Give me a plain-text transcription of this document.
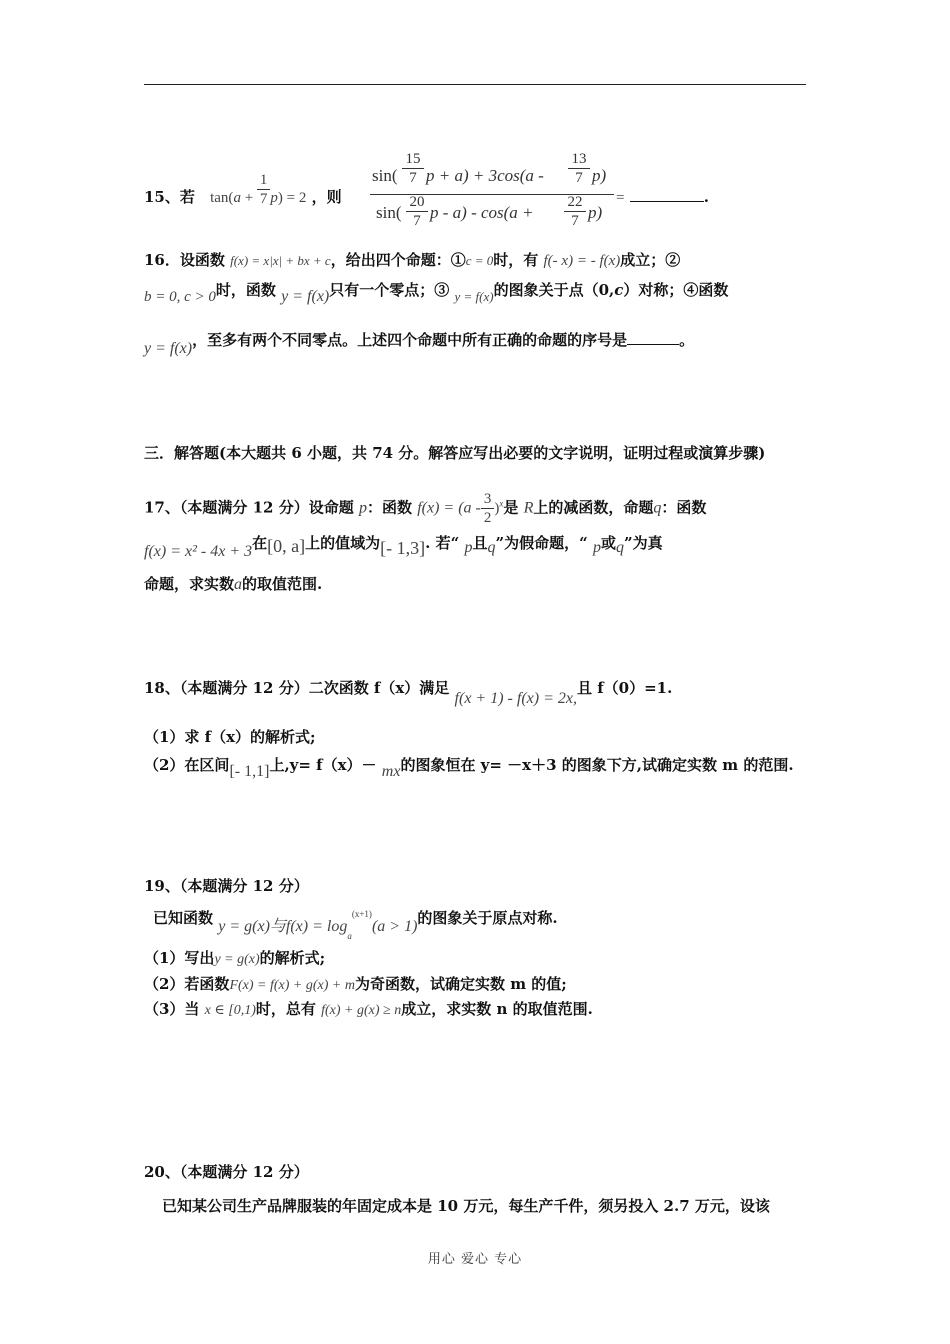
15、若 $\tan(a + \frac{1}{7} p) = 2$ ，则
$\sin( \frac{15}{7}$ $p + a) + 3\cos(a - \frac{13}{7} p)$
$\sin( \frac{20}{7}$ $p - a) - \cos(a + \frac{22}{7} p)$
=	.
16．设函数 f(x) = x|x| + bx + c，给出四个命题：①c = 0时，有 f(- x) = - f(x)成立；②
b = 0, c > 0时，函数 y = f(x)只有一个零点；③ y = f(x)的图象关于点（0,c）对称；④函数
y = f(x)，至多有两个不同零点。上述四个命题中所有正确的命题的序号是	。
三．解答题(本大题共 6 小题，共 74 分。解答应写出必要的文字说明，证明过程或演算步骤)
17、（本题满分 12 分）设命题 p：函数 $f(x) = (a - \frac{3}{2} )^x$是 R上的减函数，命题q：函数
f(x) = x² - 4x + 3在[0, a]上的值域为[- 1,3]. 若“ p且q”为假命题，“ p或q”为真
命题，求实数a的取值范围.
18、（本题满分 12 分）二次函数 f（x）满足 f(x + 1) - f(x) = 2x,且 f（0）=1.
（1）求 f（x）的解析式;
（2）在区间[- 1,1]上,y= f（x）－ mx的图象恒在 y= －x＋3 的图象下方,试确定实数 m 的范围.
19、（本题满分 12 分）
已知函数 y = g(x)与$f(x) = \log_a^{(x+1)}(a > 1)$的图象关于原点对称.
（1）写出y = g(x)的解析式;
（2）若函数F(x) = f(x) + g(x) + m为奇函数，试确定实数 m 的值;
（3）当 x ∈ [0,1)时，总有 f(x) + g(x) ≥ n成立，求实数 n 的取值范围.
20、（本题满分 12 分）
已知某公司生产品牌服装的年固定成本是 10 万元，每生产千件，须另投入 2.7 万元，设该
用心 爱心 专心
